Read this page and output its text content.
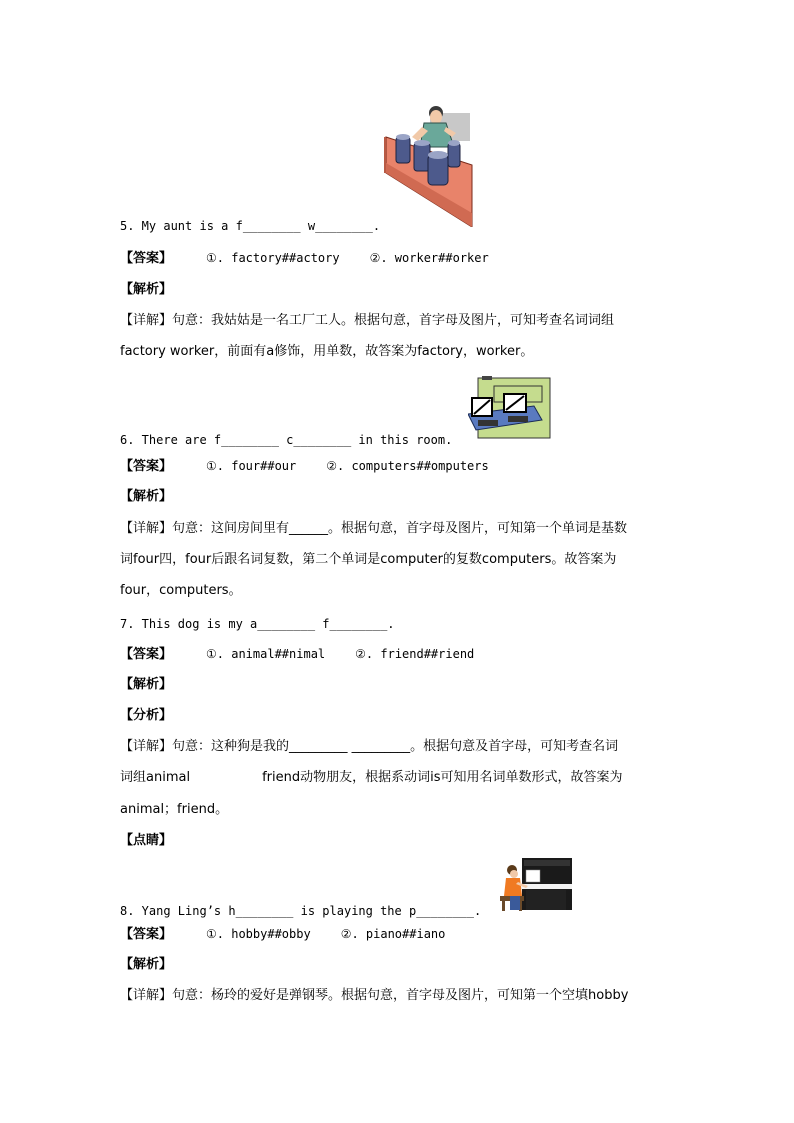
5. My aunt is a f________ w________.
【答案】	①. factory##actory	②. worker##orker
【解析】
【详解】句意：我姑姑是一名工厂工人。根据句意，首字母及图片，可知考查名词词组
factory worker，前面有a修饰，用单数，故答案为factory，worker。
6. There are f________ c________ in this room.
【答案】	①. four##our	②. computers##omputers
【解析】
【详解】句意：这间房间里有______。根据句意，首字母及图片，可知第一个单词是基数
词four四，four后跟名词复数，第二个单词是computer的复数computers。故答案为
four，computers。
7. This dog is my a________ f________.
【答案】	①. animal##nimal	②. friend##riend
【解析】
【分析】
【详解】句意：这种狗是我的_________ _________。根据句意及首字母，可知考查名词
词组animal	friend动物朋友，根据系动词is可知用名词单数形式，故答案为
animal；friend。
【点睛】
8. Yang Ling’s h________ is playing the p________.
【答案】	①. hobby##obby	②. piano##iano
【解析】
【详解】句意：杨玲的爱好是弹钢琴。根据句意，首字母及图片，可知第一个空填hobby
